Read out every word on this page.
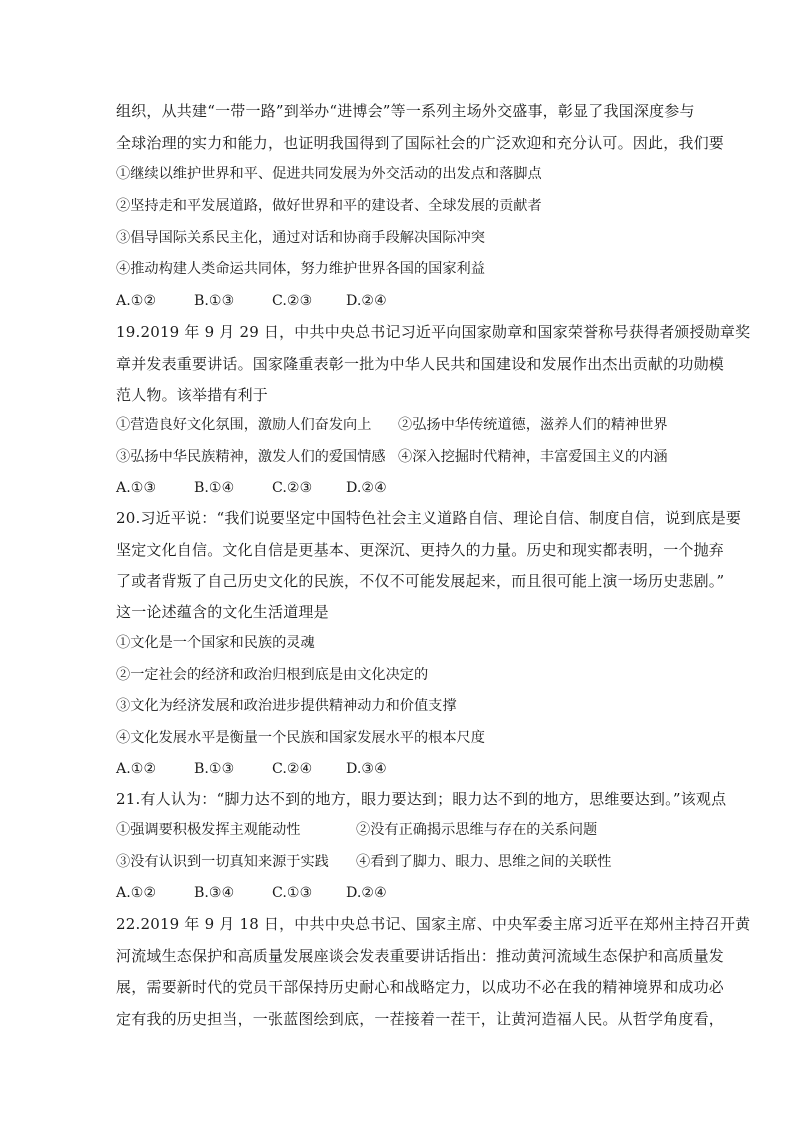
组织，从共建“一带一路”到举办“进博会”等一系列主场外交盛事，彰显了我国深度参与
全球治理的实力和能力，也证明我国得到了国际社会的广泛欢迎和充分认可。因此，我们要
①继续以维护世界和平、促进共同发展为外交活动的出发点和落脚点
②坚持走和平发展道路，做好世界和平的建设者、全球发展的贡献者
③倡导国际关系民主化，通过对话和协商手段解决国际冲突
④推动构建人类命运共同体，努力维护世界各国的国家利益
A.①②	B.①③	C.②③ D.②④
19.2019 年 9 月 29 日，中共中央总书记习近平向国家勋章和国家荣誉称号获得者颁授勋章奖
章并发表重要讲话。国家隆重表彰一批为中华人民共和国建设和发展作出杰出贡献的功勋模
范人物。该举措有利于
①营造良好文化氛围，激励人们奋发向上 ②弘扬中华传统道德，滋养人们的精神世界
③弘扬中华民族精神，激发人们的爱国情感 ④深入挖掘时代精神，丰富爱国主义的内涵
A.①③	B.①④	C.②③ D.②④
20.习近平说：“我们说要坚定中国特色社会主义道路自信、理论自信、制度自信，说到底是要
坚定文化自信。文化自信是更基本、更深沉、更持久的力量。历史和现实都表明，一个抛弃
了或者背叛了自己历史文化的民族，不仅不可能发展起来，而且很可能上演一场历史悲剧。”
这一论述蕴含的文化生活道理是
①文化是一个国家和民族的灵魂
②一定社会的经济和政治归根到底是由文化决定的
③文化为经济发展和政治进步提供精神动力和价值支撑
④文化发展水平是衡量一个民族和国家发展水平的根本尺度
A.①②	B.①③	C.②④ D.③④
21.有人认为：“脚力达不到的地方，眼力要达到；眼力达不到的地方，思维要达到。”该观点
①强调要积极发挥主观能动性	②没有正确揭示思维与存在的关系问题
③没有认识到一切真知来源于实践 ④看到了脚力、眼力、思维之间的关联性
A.①②	B.③④	C.①③ D.②④
22.2019 年 9 月 18 日，中共中央总书记、国家主席、中央军委主席习近平在郑州主持召开黄
河流域生态保护和高质量发展座谈会发表重要讲话指出：推动黄河流域生态保护和高质量发
展，需要新时代的党员干部保持历史耐心和战略定力，以成功不必在我的精神境界和成功必
定有我的历史担当，一张蓝图绘到底，一茬接着一茬干，让黄河造福人民。从哲学角度看，
